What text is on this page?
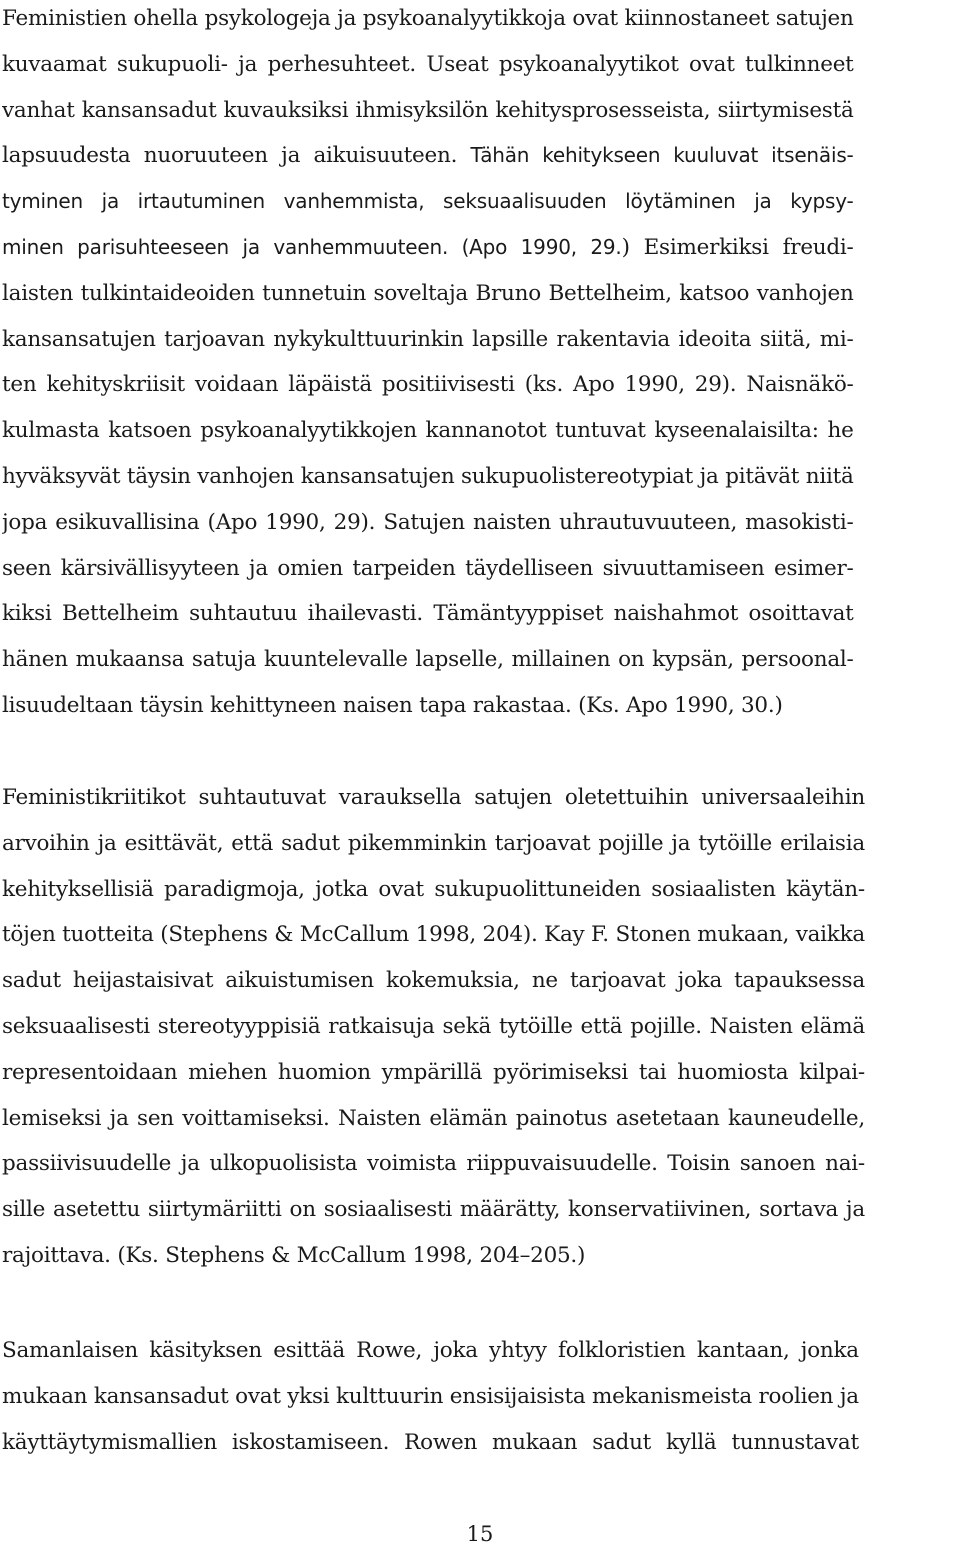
Feministien ohella psykologeja ja psykoanalyytikkoja ovat kiinnostaneet satujen
kuvaamat sukupuoli- ja perhesuhteet. Useat psykoanalyytikot ovat tulkinneet
vanhat kansansadut kuvauksiksi ihmisyksilön kehitysprosesseista, siirtymisestä
lapsuudesta nuoruuteen ja aikuisuuteen. Tähän kehitykseen kuuluvat itsenäis-
tyminen ja irtautuminen vanhemmista, seksuaalisuuden löytäminen ja kypsy-
minen parisuhteeseen ja vanhemmuuteen. (Apo 1990, 29.) Esimerkiksi freudi-
laisten tulkintaideoiden tunnetuin soveltaja Bruno Bettelheim, katsoo vanhojen
kansansatujen tarjoavan nykykulttuurinkin lapsille rakentavia ideoita siitä, mi-
ten kehityskriisit voidaan läpäistä positiivisesti (ks. Apo 1990, 29). Naisnäkö-
kulmasta katsoen psykoanalyytikkojen kannanotot tuntuvat kyseenalaisilta: he
hyväksyvät täysin vanhojen kansansatujen sukupuolistereotypiat ja pitävät niitä
jopa esikuvallisina (Apo 1990, 29). Satujen naisten uhrautuvuuteen, masokisti-
seen kärsivällisyyteen ja omien tarpeiden täydelliseen sivuuttamiseen esimer-
kiksi Bettelheim suhtautuu ihailevasti. Tämäntyyppiset naishahmot osoittavat
hänen mukaansa satuja kuuntelevalle lapselle, millainen on kypsän, persoonal-
lisuudeltaan täysin kehittyneen naisen tapa rakastaa. (Ks. Apo 1990, 30.)

Feministikriitikot suhtautuvat varauksella satujen oletettuihin universaaleihin
arvoihin ja esittävät, että sadut pikemminkin tarjoavat pojille ja tytöille erilaisia
kehityksellisiä paradigmoja, jotka ovat sukupuolittuneiden sosiaalisten käytän-
töjen tuotteita (Stephens & McCallum 1998, 204). Kay F. Stonen mukaan, vaikka
sadut heijastaisivat aikuistumisen kokemuksia, ne tarjoavat joka tapauksessa
seksuaalisesti stereotyyppisiä ratkaisuja sekä tytöille että pojille. Naisten elämä
representoidaan miehen huomion ympärillä pyörimiseksi tai huomiosta kilpai-
lemiseksi ja sen voittamiseksi. Naisten elämän painotus asetetaan kauneudelle,
passiivisuudelle ja ulkopuolisista voimista riippuvaisuudelle. Toisin sanoen nai-
sille asetettu siirtymäriitti on sosiaalisesti määrätty, konservatiivinen, sortava ja
rajoittava. (Ks. Stephens & McCallum 1998, 204–205.)

Samanlaisen käsityksen esittää Rowe, joka yhtyy folkloristien kantaan, jonka
mukaan kansansadut ovat yksi kulttuurin ensisijaisista mekanismeista roolien ja
käyttäytymismallien iskostamiseen. Rowen mukaan sadut kyllä tunnustavat

15
